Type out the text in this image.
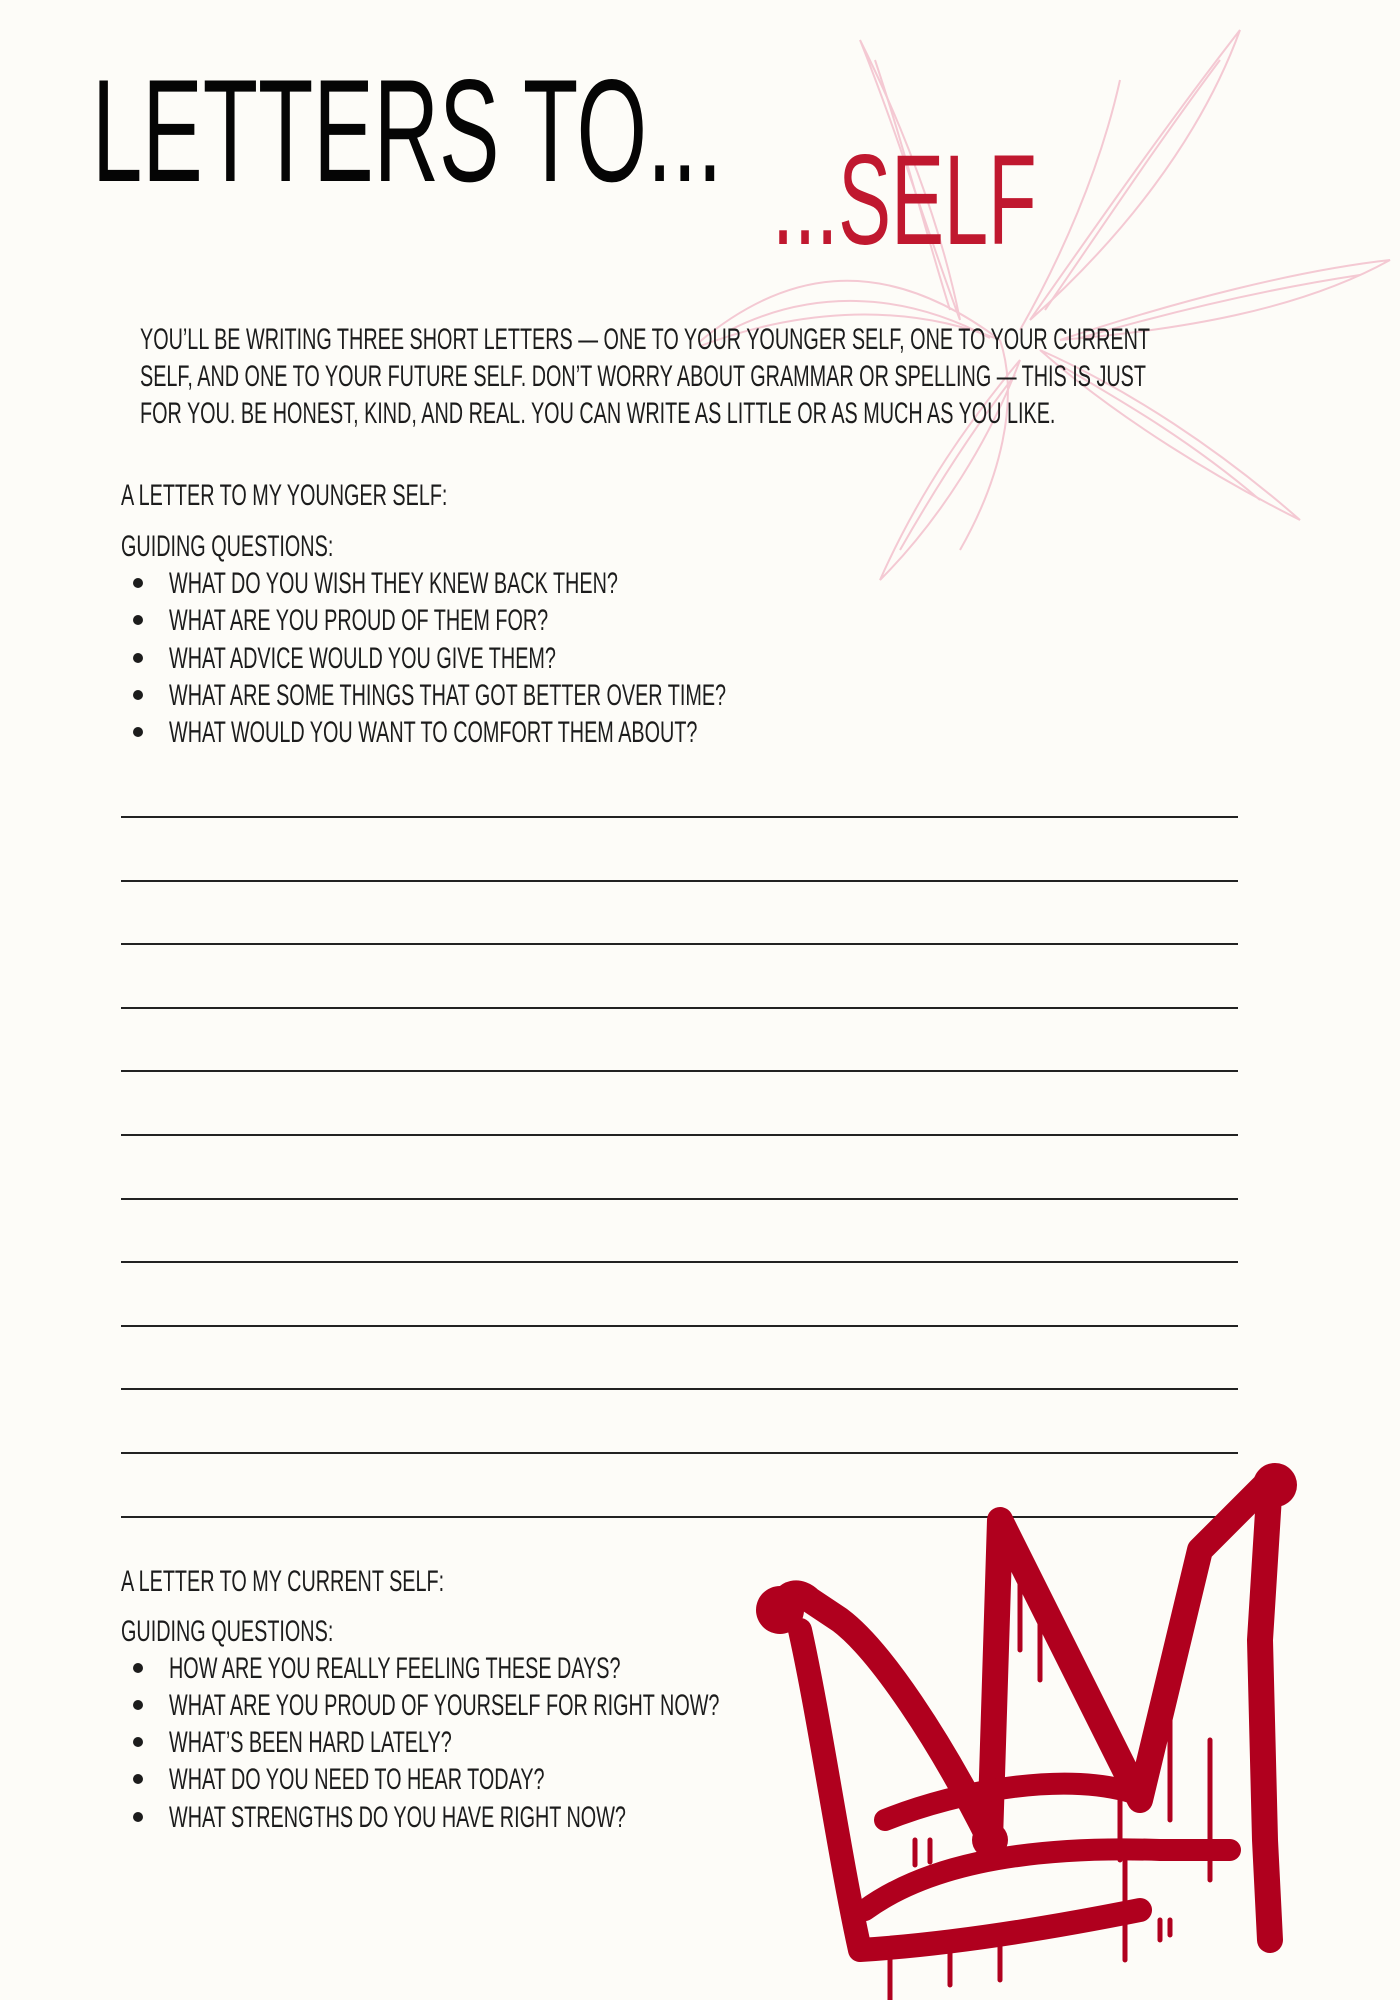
LETTERS TO... ...SELF
YOU’LL BE WRITING THREE SHORT LETTERS — ONE TO YOUR YOUNGER SELF, ONE TO YOUR CURRENT
SELF, AND ONE TO YOUR FUTURE SELF. DON’T WORRY ABOUT GRAMMAR OR SPELLING — THIS IS JUST
FOR YOU. BE HONEST, KIND, AND REAL. YOU CAN WRITE AS LITTLE OR AS MUCH AS YOU LIKE.
A LETTER TO MY YOUNGER SELF:
GUIDING QUESTIONS:
WHAT DO YOU WISH THEY KNEW BACK THEN?
WHAT ARE YOU PROUD OF THEM FOR?
WHAT ADVICE WOULD YOU GIVE THEM?
WHAT ARE SOME THINGS THAT GOT BETTER OVER TIME?
WHAT WOULD YOU WANT TO COMFORT THEM ABOUT?
A LETTER TO MY CURRENT SELF:
GUIDING QUESTIONS:
HOW ARE YOU REALLY FEELING THESE DAYS?
WHAT ARE YOU PROUD OF YOURSELF FOR RIGHT NOW?
WHAT’S BEEN HARD LATELY?
WHAT DO YOU NEED TO HEAR TODAY?
WHAT STRENGTHS DO YOU HAVE RIGHT NOW?
